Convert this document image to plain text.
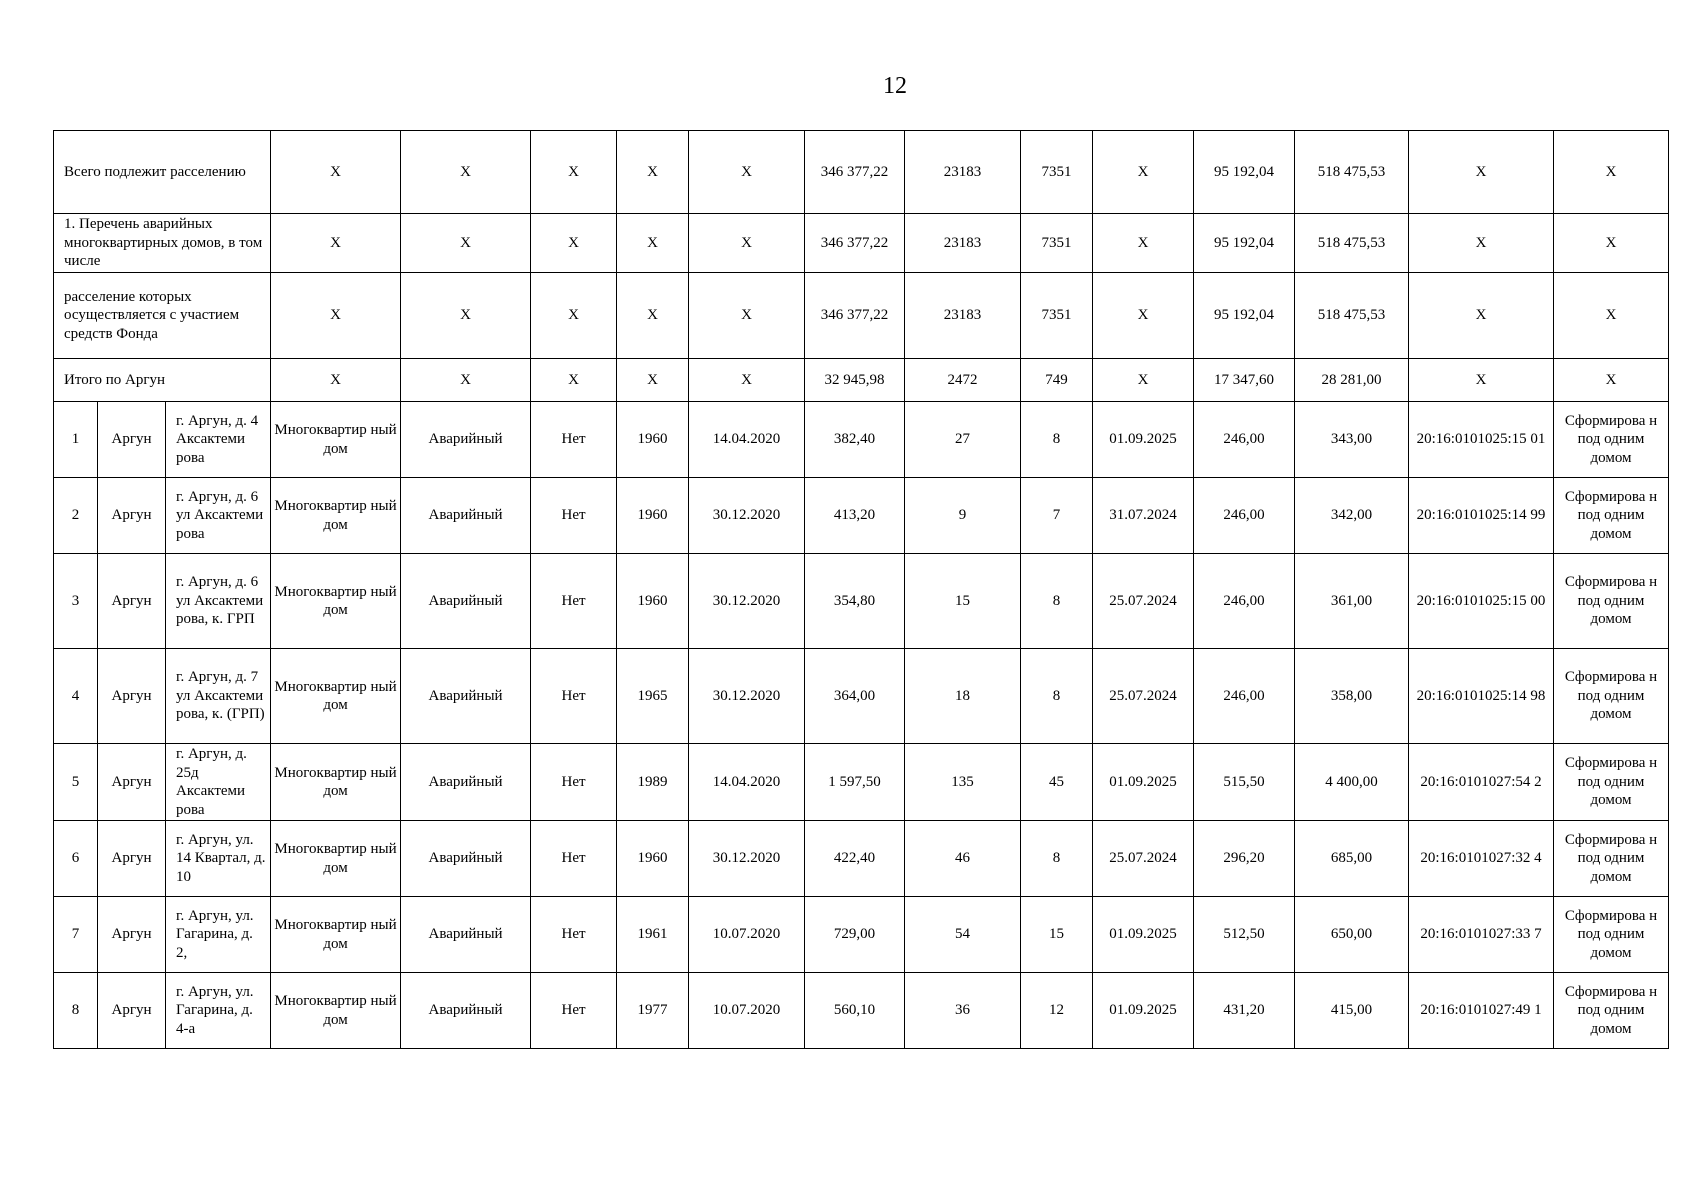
12
Всего подлежит расселению			X	X	X	X	X	346 377,22	23183	7351	X	95 192,04	518 475,53	X	X
1. Перечень аварийных многоквартирных домов, в том числе			X	X	X	X	X	346 377,22	23183	7351	X	95 192,04	518 475,53	X	X
расселение которых осуществляется с участием средств Фонда			X	X	X	X	X	346 377,22	23183	7351	X	95 192,04	518 475,53	X	X
Итого по Аргун			X	X	X	X	X	32 945,98	2472	749	X	17 347,60	28 281,00	X	X
1	Аргун	г. Аргун, д. 4 Аксактеми рова	Многоквартир ный дом	Аварийный	Нет	1960	14.04.2020	382,40	27	8	01.09.2025	246,00	343,00	20:16:0101025:15 01	Сформирова н под одним домом
2	Аргун	г. Аргун, д. 6 ул Аксактеми рова	Многоквартир ный дом	Аварийный	Нет	1960	30.12.2020	413,20	9	7	31.07.2024	246,00	342,00	20:16:0101025:14 99	Сформирова н под одним домом
3	Аргун	г. Аргун, д. 6 ул Аксактеми рова, к. ГРП	Многоквартир ный дом	Аварийный	Нет	1960	30.12.2020	354,80	15	8	25.07.2024	246,00	361,00	20:16:0101025:15 00	Сформирова н под одним домом
4	Аргун	г. Аргун, д. 7 ул Аксактеми рова, к. (ГРП)	Многоквартир ный дом	Аварийный	Нет	1965	30.12.2020	364,00	18	8	25.07.2024	246,00	358,00	20:16:0101025:14 98	Сформирова н под одним домом
5	Аргун	г. Аргун, д. 25д Аксактеми рова	Многоквартир ный дом	Аварийный	Нет	1989	14.04.2020	1 597,50	135	45	01.09.2025	515,50	4 400,00	20:16:0101027:54 2	Сформирова н под одним домом
6	Аргун	г. Аргун, ул. 14 Квартал, д. 10	Многоквартир ный дом	Аварийный	Нет	1960	30.12.2020	422,40	46	8	25.07.2024	296,20	685,00	20:16:0101027:32 4	Сформирова н под одним домом
7	Аргун	г. Аргун, ул. Гагарина, д. 2,	Многоквартир ный дом	Аварийный	Нет	1961	10.07.2020	729,00	54	15	01.09.2025	512,50	650,00	20:16:0101027:33 7	Сформирова н под одним домом
8	Аргун	г. Аргун, ул. Гагарина, д. 4-а	Многоквартир ный дом	Аварийный	Нет	1977	10.07.2020	560,10	36	12	01.09.2025	431,20	415,00	20:16:0101027:49 1	Сформирова н под одним домом
